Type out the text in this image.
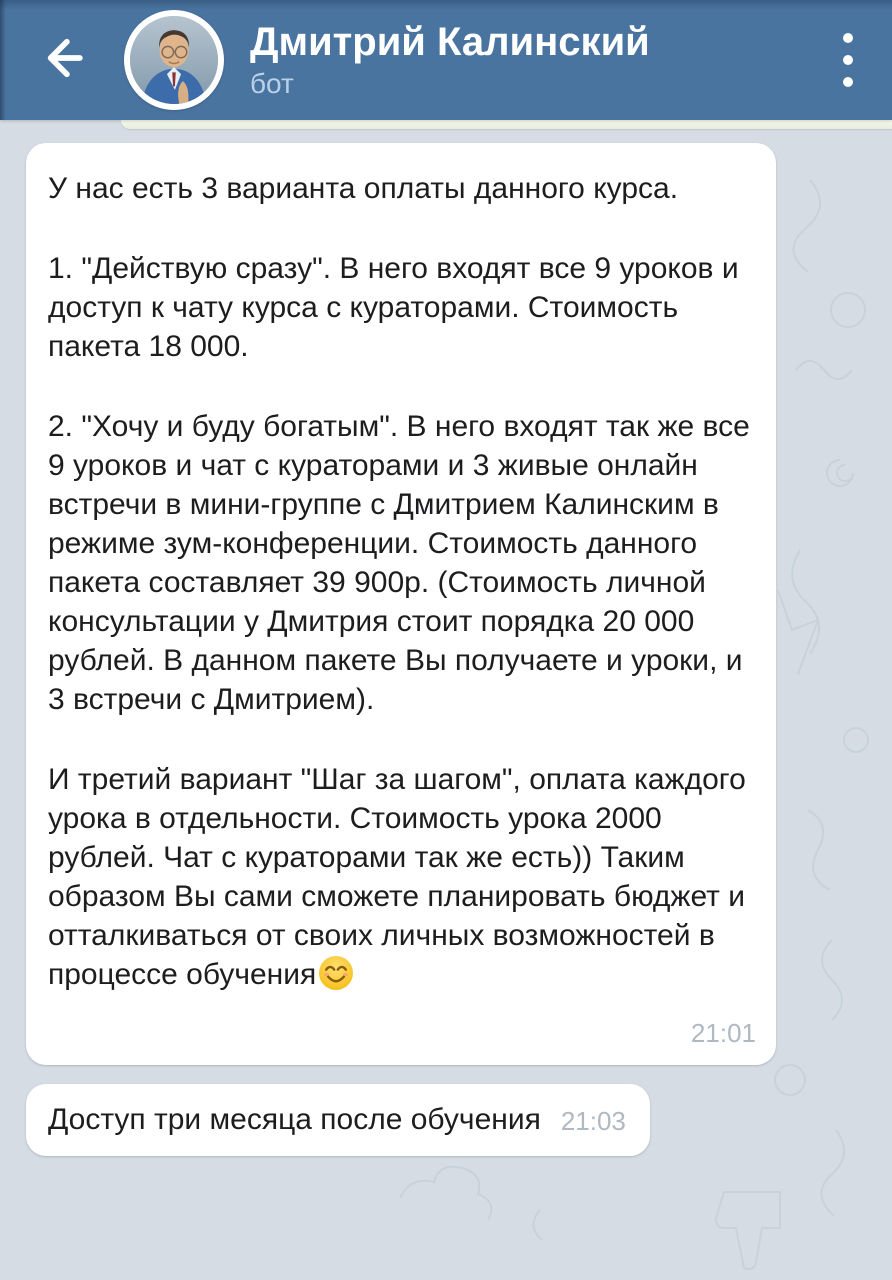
Дмитрий Калинский
бот

У нас есть 3 варианта оплаты данного курса.

1. "Действую сразу". В него входят все 9 уроков и доступ к чату курса с кураторами. Стоимость пакета 18 000.

2. "Хочу и буду богатым". В него входят так же все 9 уроков и чат с кураторами и 3 живые онлайн встречи в мини-группе с Дмитрием Калинским в режиме зум-конференции. Стоимость данного пакета составляет 39 900р. (Стоимость личной консультации у Дмитрия стоит порядка 20 000 рублей. В данном пакете Вы получаете и уроки, и 3 встречи с Дмитрием).

И третий вариант "Шаг за шагом", оплата каждого урока в отдельности. Стоимость урока 2000 рублей. Чат с кураторами так же есть)) Таким образом Вы сами сможете планировать бюджет и отталкиваться от своих личных возможностей в процессе обучения

21:01
Доступ три месяца после обучения 21:03
